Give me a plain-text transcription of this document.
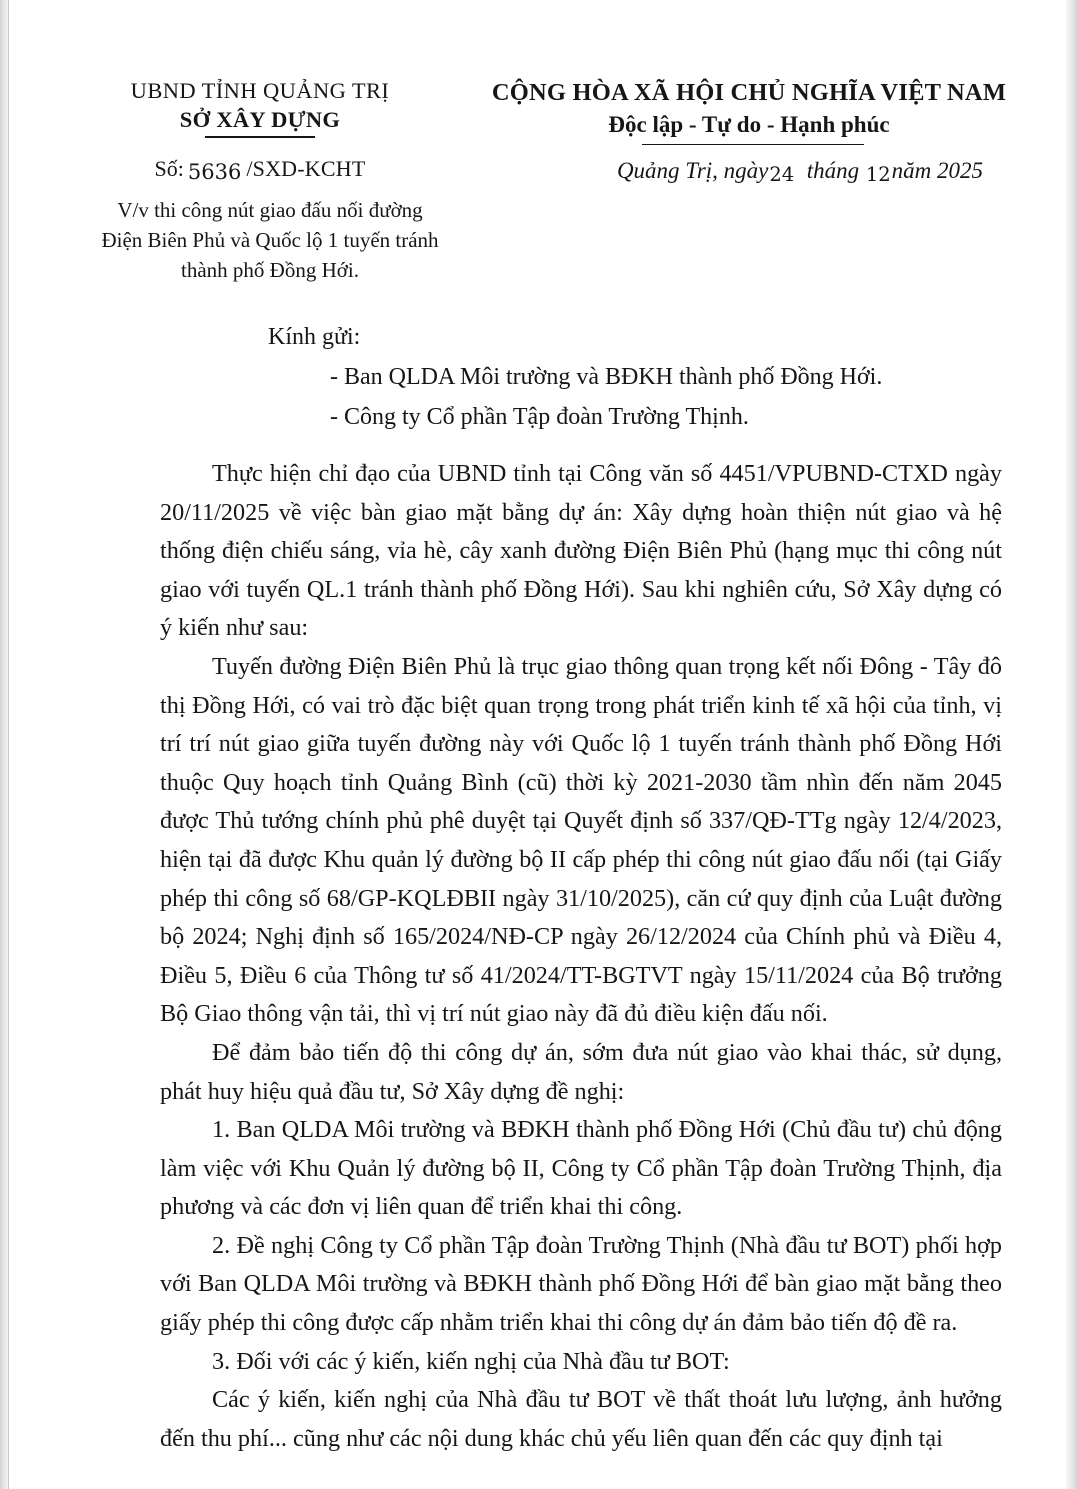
UBND TỈNH QUẢNG TRỊ
SỞ XÂY DỰNG
CỘNG HÒA XÃ HỘI CHỦ NGHĨA VIỆT NAM
Độc lập - Tự do - Hạnh phúc
Số: 5636 /SXD-KCHT
V/v thi công nút giao đấu nối đường
Điện Biên Phủ và Quốc lộ 1 tuyến tránh
thành phố Đồng Hới.
Quảng Trị, ngày24 tháng 12năm 2025
Kính gửi:
- Ban QLDA Môi trường và BĐKH thành phố Đồng Hới.
- Công ty Cổ phần Tập đoàn Trường Thịnh.

Thực hiện chỉ đạo của UBND tỉnh tại Công văn số 4451/VPUBND-CTXD ngày 20/11/2025 về việc bàn giao mặt bằng dự án: Xây dựng hoàn thiện nút giao và hệ thống điện chiếu sáng, vỉa hè, cây xanh đường Điện Biên Phủ (hạng mục thi công nút giao với tuyến QL.1 tránh thành phố Đồng Hới). Sau khi nghiên cứu, Sở Xây dựng có ý kiến như sau:

Tuyến đường Điện Biên Phủ là trục giao thông quan trọng kết nối Đông - Tây đô thị Đồng Hới, có vai trò đặc biệt quan trọng trong phát triển kinh tế xã hội của tỉnh, vị trí trí nút giao giữa tuyến đường này với Quốc lộ 1 tuyến tránh thành phố Đồng Hới thuộc Quy hoạch tỉnh Quảng Bình (cũ) thời kỳ 2021-2030 tầm nhìn đến năm 2045 được Thủ tướng chính phủ phê duyệt tại Quyết định số 337/QĐ-TTg ngày 12/4/2023, hiện tại đã được Khu quản lý đường bộ II cấp phép thi công nút giao đấu nối (tại Giấy phép thi công số 68/GP-KQLĐBII ngày 31/10/2025), căn cứ quy định của Luật đường bộ 2024; Nghị định số 165/2024/NĐ-CP ngày 26/12/2024 của Chính phủ và Điều 4, Điều 5, Điều 6 của Thông tư số 41/2024/TT-BGTVT ngày 15/11/2024 của Bộ trưởng Bộ Giao thông vận tải, thì vị trí nút giao này đã đủ điều kiện đấu nối.

Để đảm bảo tiến độ thi công dự án, sớm đưa nút giao vào khai thác, sử dụng, phát huy hiệu quả đầu tư, Sở Xây dựng đề nghị:

1. Ban QLDA Môi trường và BĐKH thành phố Đồng Hới (Chủ đầu tư) chủ động làm việc với Khu Quản lý đường bộ II, Công ty Cổ phần Tập đoàn Trường Thịnh, địa phương và các đơn vị liên quan để triển khai thi công.

2. Đề nghị Công ty Cổ phần Tập đoàn Trường Thịnh (Nhà đầu tư BOT) phối hợp với Ban QLDA Môi trường và BĐKH thành phố Đồng Hới để bàn giao mặt bằng theo giấy phép thi công được cấp nhằm triển khai thi công dự án đảm bảo tiến độ đề ra.

3. Đối với các ý kiến, kiến nghị của Nhà đầu tư BOT:

Các ý kiến, kiến nghị của Nhà đầu tư BOT về thất thoát lưu lượng, ảnh hưởng đến thu phí... cũng như các nội dung khác chủ yếu liên quan đến các quy định tại
